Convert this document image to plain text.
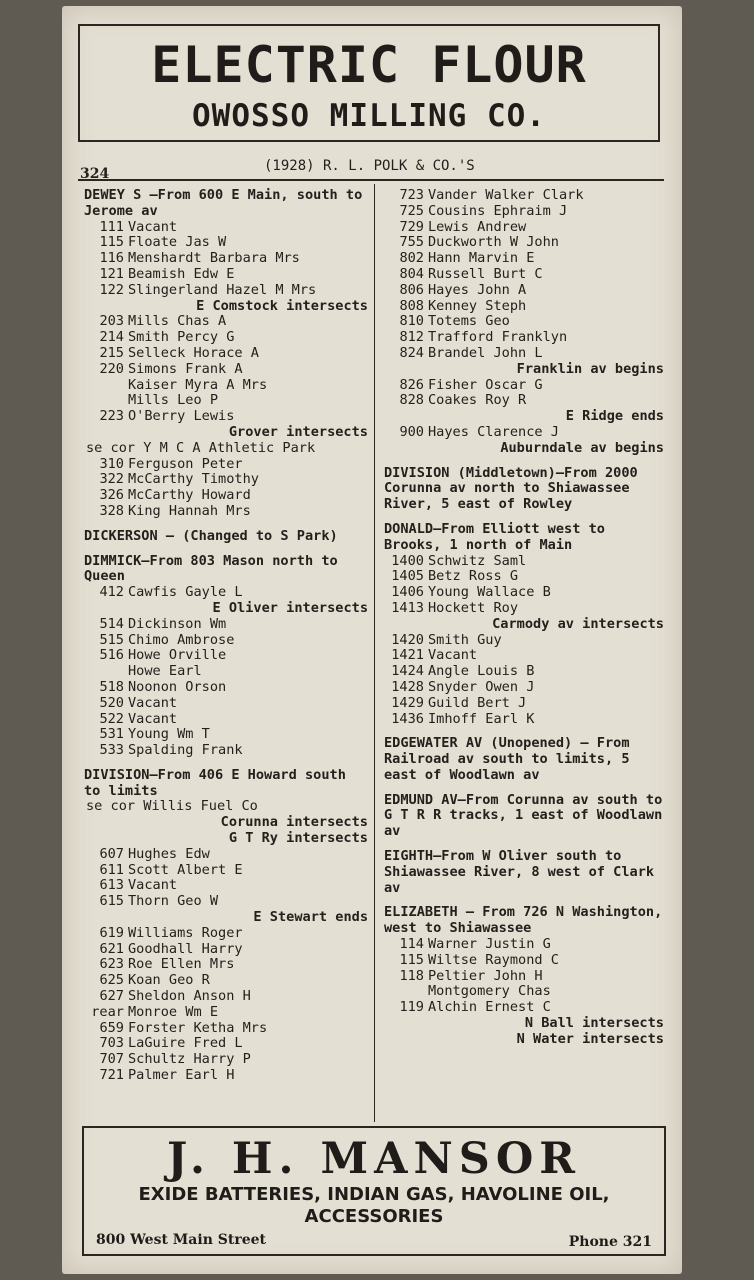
ELECTRIC FLOUR
OWOSSO MILLING CO.
324	(1928) R. L. POLK & CO.'S
DEWEY S —From 600 E Main, south to Jerome av
111 Vacant
115 Floate Jas W
116 Menshardt Barbara Mrs
121 Beamish Edw E
122 Slingerland Hazel M Mrs
E Comstock intersects
203 Mills Chas A
214 Smith Percy G
215 Selleck Horace A
220 Simons Frank A
Kaiser Myra A Mrs
Mills Leo P
223 O'Berry Lewis
Grover intersects
se cor Y M C A Athletic Park
310 Ferguson Peter
322 McCarthy Timothy
326 McCarthy Howard
328 King Hannah Mrs
DICKERSON — (Changed to S Park)
DIMMICK—From 803 Mason north to Queen
412 Cawfis Gayle L
E Oliver intersects
514 Dickinson Wm
515 Chimo Ambrose
516 Howe Orville
Howe Earl
518 Noonon Orson
520 Vacant
522 Vacant
531 Young Wm T
533 Spalding Frank
DIVISION—From 406 E Howard south to limits
se cor Willis Fuel Co
Corunna intersects
G T Ry intersects
607 Hughes Edw
611 Scott Albert E
613 Vacant
615 Thorn Geo W
E Stewart ends
619 Williams Roger
621 Goodhall Harry
623 Roe Ellen Mrs
625 Koan Geo R
627 Sheldon Anson H
rear Monroe Wm E
659 Forster Ketha Mrs
703 LaGuire Fred L
707 Schultz Harry P
721 Palmer Earl H
723 Vander Walker Clark
725 Cousins Ephraim J
729 Lewis Andrew
755 Duckworth W John
802 Hann Marvin E
804 Russell Burt C
806 Hayes John A
808 Kenney Steph
810 Totems Geo
812 Trafford Franklyn
824 Brandel John L
Franklin av begins
826 Fisher Oscar G
828 Coakes Roy R
E Ridge ends
900 Hayes Clarence J
Auburndale av begins
DIVISION (Middletown)—From 2000 Corunna av north to Shiawassee River, 5 east of Rowley
DONALD—From Elliott west to Brooks, 1 north of Main
1400 Schwitz Saml
1405 Betz Ross G
1406 Young Wallace B
1413 Hockett Roy
Carmody av intersects
1420 Smith Guy
1421 Vacant
1424 Angle Louis B
1428 Snyder Owen J
1429 Guild Bert J
1436 Imhoff Earl K
EDGEWATER AV (Unopened) — From Railroad av south to limits, 5 east of Woodlawn av
EDMUND AV—From Corunna av south to G T R R tracks, 1 east of Woodlawn av
EIGHTH—From W Oliver south to Shiawassee River, 8 west of Clark av
ELIZABETH — From 726 N Washington, west to Shiawassee
114 Warner Justin G
115 Wiltse Raymond C
118 Peltier John H
Montgomery Chas
119 Alchin Ernest C
N Ball intersects
N Water intersects
J. H. MANSOR
EXIDE BATTERIES, INDIAN GAS, HAVOLINE OIL,
ACCESSORIES
800 West Main Street	Phone 321
